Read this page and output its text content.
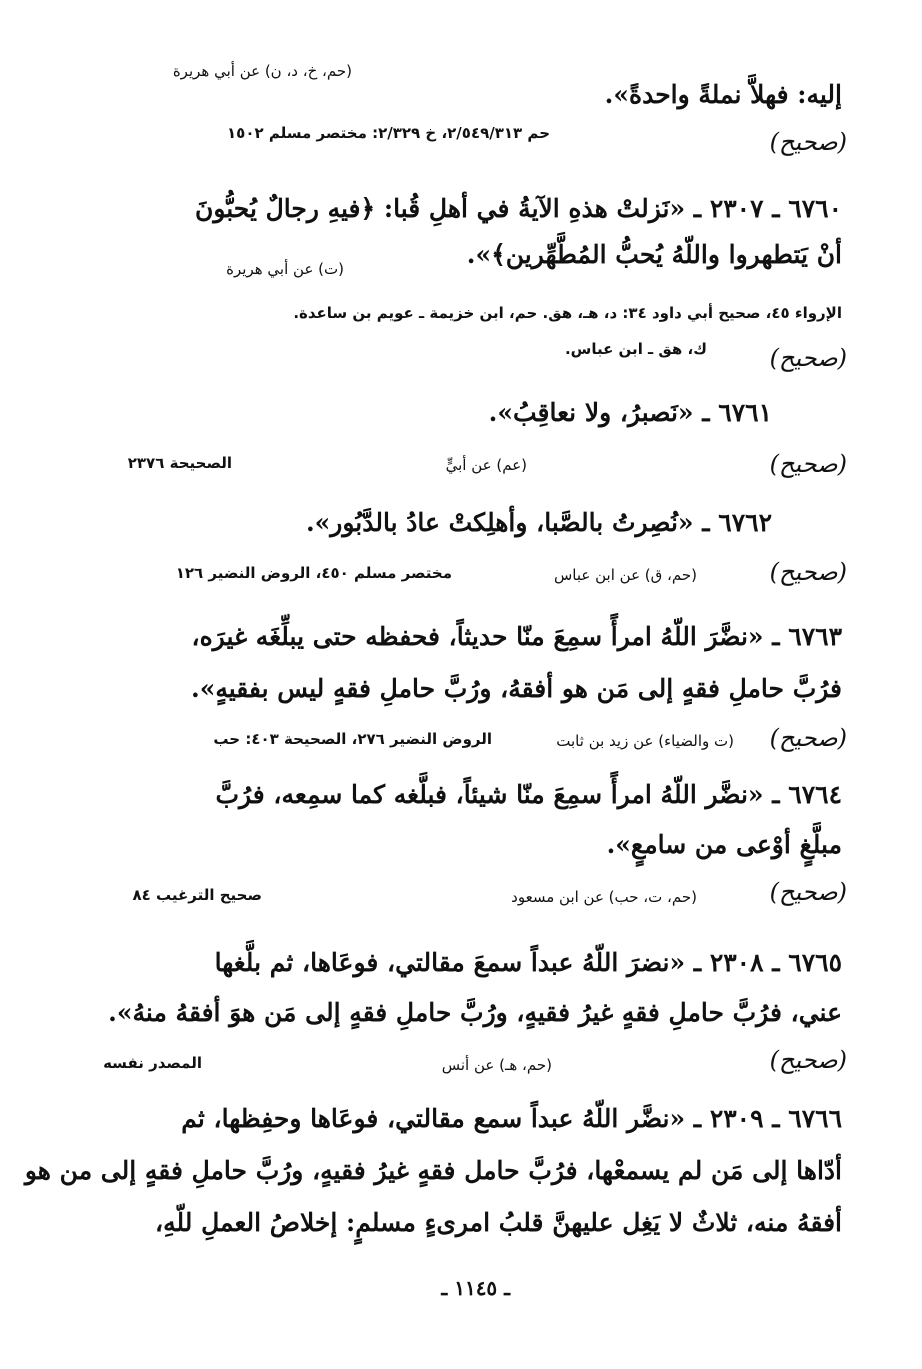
(حم، خ، د، ن) عن أبي هريرة
إليه: فهلاَّ نملةً واحدةً».
( صحيح )
حم ٢/٥٤٩/٣١٣، خ ٢/٣٢٩: مختصر مسلم ١٥٠٢
٦٧٦٠ ـ ٢٣٠٧ ـ «نَزلتْ هذهِ الآيةُ في أهلِ قُبا: ﴿فيهِ رجالٌ يُحبُّونَ
أنْ يَتطهروا واللّهُ يُحبُّ المُطَّهِّرين﴾».
(ت) عن أبي هريرة
الإرواء ٤٥، صحيح أبي داود ٣٤: د، هـ، هق. حم، ابن خزيمة ـ عويم بن ساعدة.
( صحيح )
ك، هق ـ ابن عباس.
٦٧٦١ ـ «نَصبرُ، ولا نعاقِبُ».
( صحيح )
(عم) عن أبيٍّ
الصحيحة ٢٣٧٦
٦٧٦٢ ـ «نُصِرتُ بالصَّبا، وأهلِكتْ عادُ بالدَّبُور».
( صحيح )
(حم، ق) عن ابن عباس
مختصر مسلم ٤٥٠، الروض النضير ١٢٦
٦٧٦٣ ـ «نضَّرَ اللّهُ امرأً سمِعَ منّا حديثاً، فحفظه حتى يبلِّغَه غيرَه،
فرُبَّ حاملِ فقهٍ إلى مَن هو أفقهُ، ورُبَّ حاملِ فقهٍ ليس بفقيهٍ».
( صحيح )
(ت والضياء) عن زيد بن ثابت
الروض النضير ٢٧٦، الصحيحة ٤٠٣: حب
٦٧٦٤ ـ «نضَّر اللّهُ امرأً سمِعَ منّا شيئاً، فبلَّغه كما سمِعه، فرُبَّ
مبلَّغٍ أوْعى من سامعٍ».
( صحيح )
(حم، ت، حب) عن ابن مسعود
صحيح الترغيب ٨٤
٦٧٦٥ ـ ٢٣٠٨ ـ «نضرَ اللّهُ عبداً سمعَ مقالتي، فوعَاها، ثم بلَّغها
عني، فرُبَّ حاملِ فقهٍ غيرُ فقيهٍ، ورُبَّ حاملِ فقهٍ إلى مَن هوَ أفقهُ منهُ».
( صحيح )
(حم، هـ) عن أنس
المصدر نفسه
٦٧٦٦ ـ ٢٣٠٩ ـ «نضَّر اللّهُ عبداً سمع مقالتي، فوعَاها وحفِظها، ثم
أدّاها إلى مَن لم يسمعْها، فرُبَّ حامل فقهٍ غيرُ فقيهٍ، ورُبَّ حاملِ فقهٍ إلى من هو
أفقهُ منه، ثلاثٌ لا يَغِل عليهنَّ قلبُ امرىءٍ مسلمٍ: إخلاصُ العملِ للّهِ،
ـ ١١٤٥ ـ
